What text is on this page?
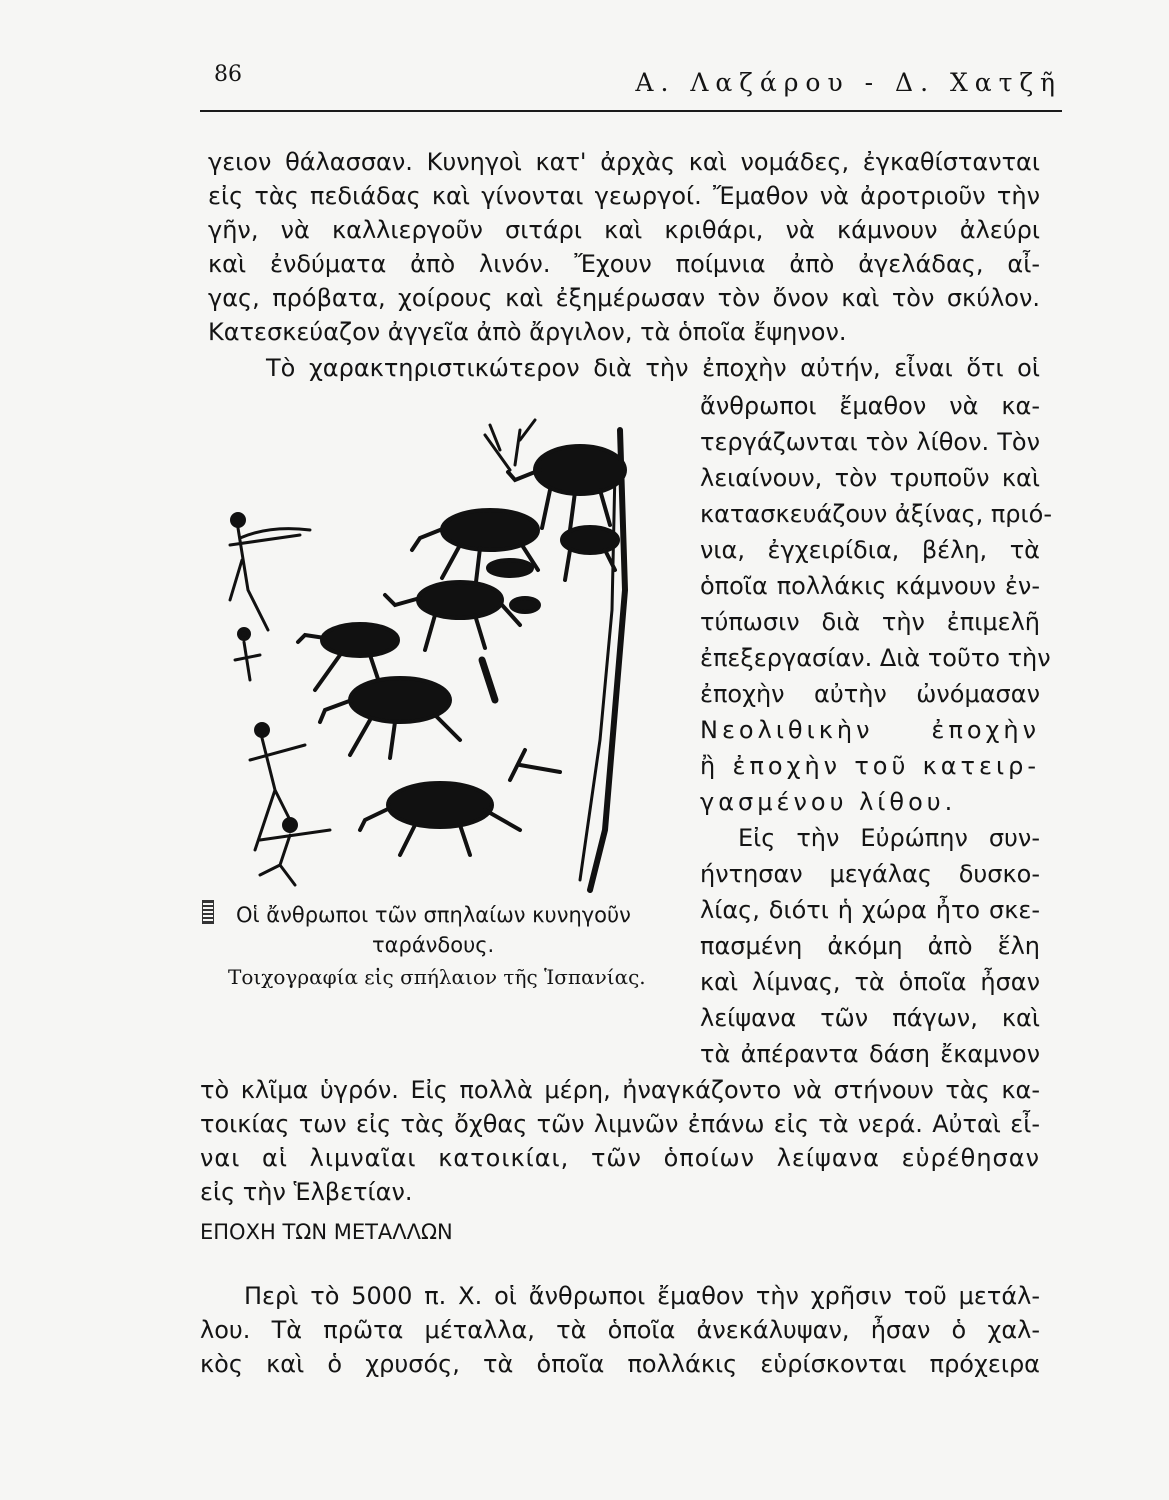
86	Α. Λαζάρου - Δ. Χατζῆ

γειον θάλασσαν. Κυνηγοὶ κατ' ἀρχὰς καὶ νομάδες, ἐγκαθίστανται

εἰς τὰς πεδιάδας καὶ γίνονται γεωργοί. Ἔμαθον νὰ ἀροτριοῦν τὴν

γῆν, νὰ καλλιεργοῦν σιτάρι καὶ κριθάρι, νὰ κάμνουν ἀλεύρι

καὶ ἐνδύματα ἀπὸ λινόν. Ἔχουν ποίμνια ἀπὸ ἀγελάδας, αἶ-

γας, πρόβατα, χοίρους καὶ ἐξημέρωσαν τὸν ὄνον καὶ τὸν σκύλον.

Κατεσκεύαζον ἀγγεῖα ἀπὸ ἄργιλον, τὰ ὁποῖα ἔψηνον.

Τὸ χαρακτηριστικώτερον διὰ τὴν ἐποχὴν αὐτήν, εἶναι ὅτι οἱ

ἄνθρωποι ἔμαθον νὰ κα-

τεργάζωνται τὸν λίθον. Τὸν

λειαίνουν, τὸν τρυποῦν καὶ

κατασκευάζουν ἀξίνας, πριό-

νια, ἐγχειρίδια, βέλη, τὰ

ὁποῖα πολλάκις κάμνουν ἐν-

τύπωσιν διὰ τὴν ἐπιμελῆ

ἐπεξεργασίαν. Διὰ τοῦτο τὴν

ἐποχὴν αὐτὴν ὠνόμασαν

Νεολιθικὴν ἐποχὴν

ἢ ἐποχὴν τοῦ κατειρ-

γασμένου λίθου.

Εἰς τὴν Εὐρώπην συν-

ήντησαν μεγάλας δυσκο-

λίας, διότι ἡ χώρα ἦτο σκε-

πασμένη ἀκόμη ἀπὸ ἕλη

καὶ λίμνας, τὰ ὁποῖα ἦσαν

λείψανα τῶν πάγων, καὶ

τὰ ἀπέραντα δάση ἔκαμνον

Οἱ ἄνθρωποι τῶν σπηλαίων κυνηγοῦν
ταράνδους.
Τοιχογραφία εἰς σπήλαιον τῆς Ἱσπανίας.

τὸ κλῖμα ὑγρόν. Εἰς πολλὰ μέρη, ἠναγκάζοντο νὰ στήνουν τὰς κα-

τοικίας των εἰς τὰς ὄχθας τῶν λιμνῶν ἐπάνω εἰς τὰ νερά. Αὐταὶ εἶ-

ναι αἱ λιμναῖαι κατοικίαι, τῶν ὁποίων λείψανα εὑρέθησαν

εἰς τὴν Ἑλβετίαν.

ΕΠΟΧΗ ΤΩΝ ΜΕΤΑΛΛΩΝ

Περὶ τὸ 5000 π. Χ. οἱ ἄνθρωποι ἔμαθον τὴν χρῆσιν τοῦ μετάλ-

λου. Τὰ πρῶτα μέταλλα, τὰ ὁποῖα ἀνεκάλυψαν, ἦσαν ὁ χαλ-

κὸς καὶ ὁ χρυσός, τὰ ὁποῖα πολλάκις εὑρίσκονται πρόχειρα
